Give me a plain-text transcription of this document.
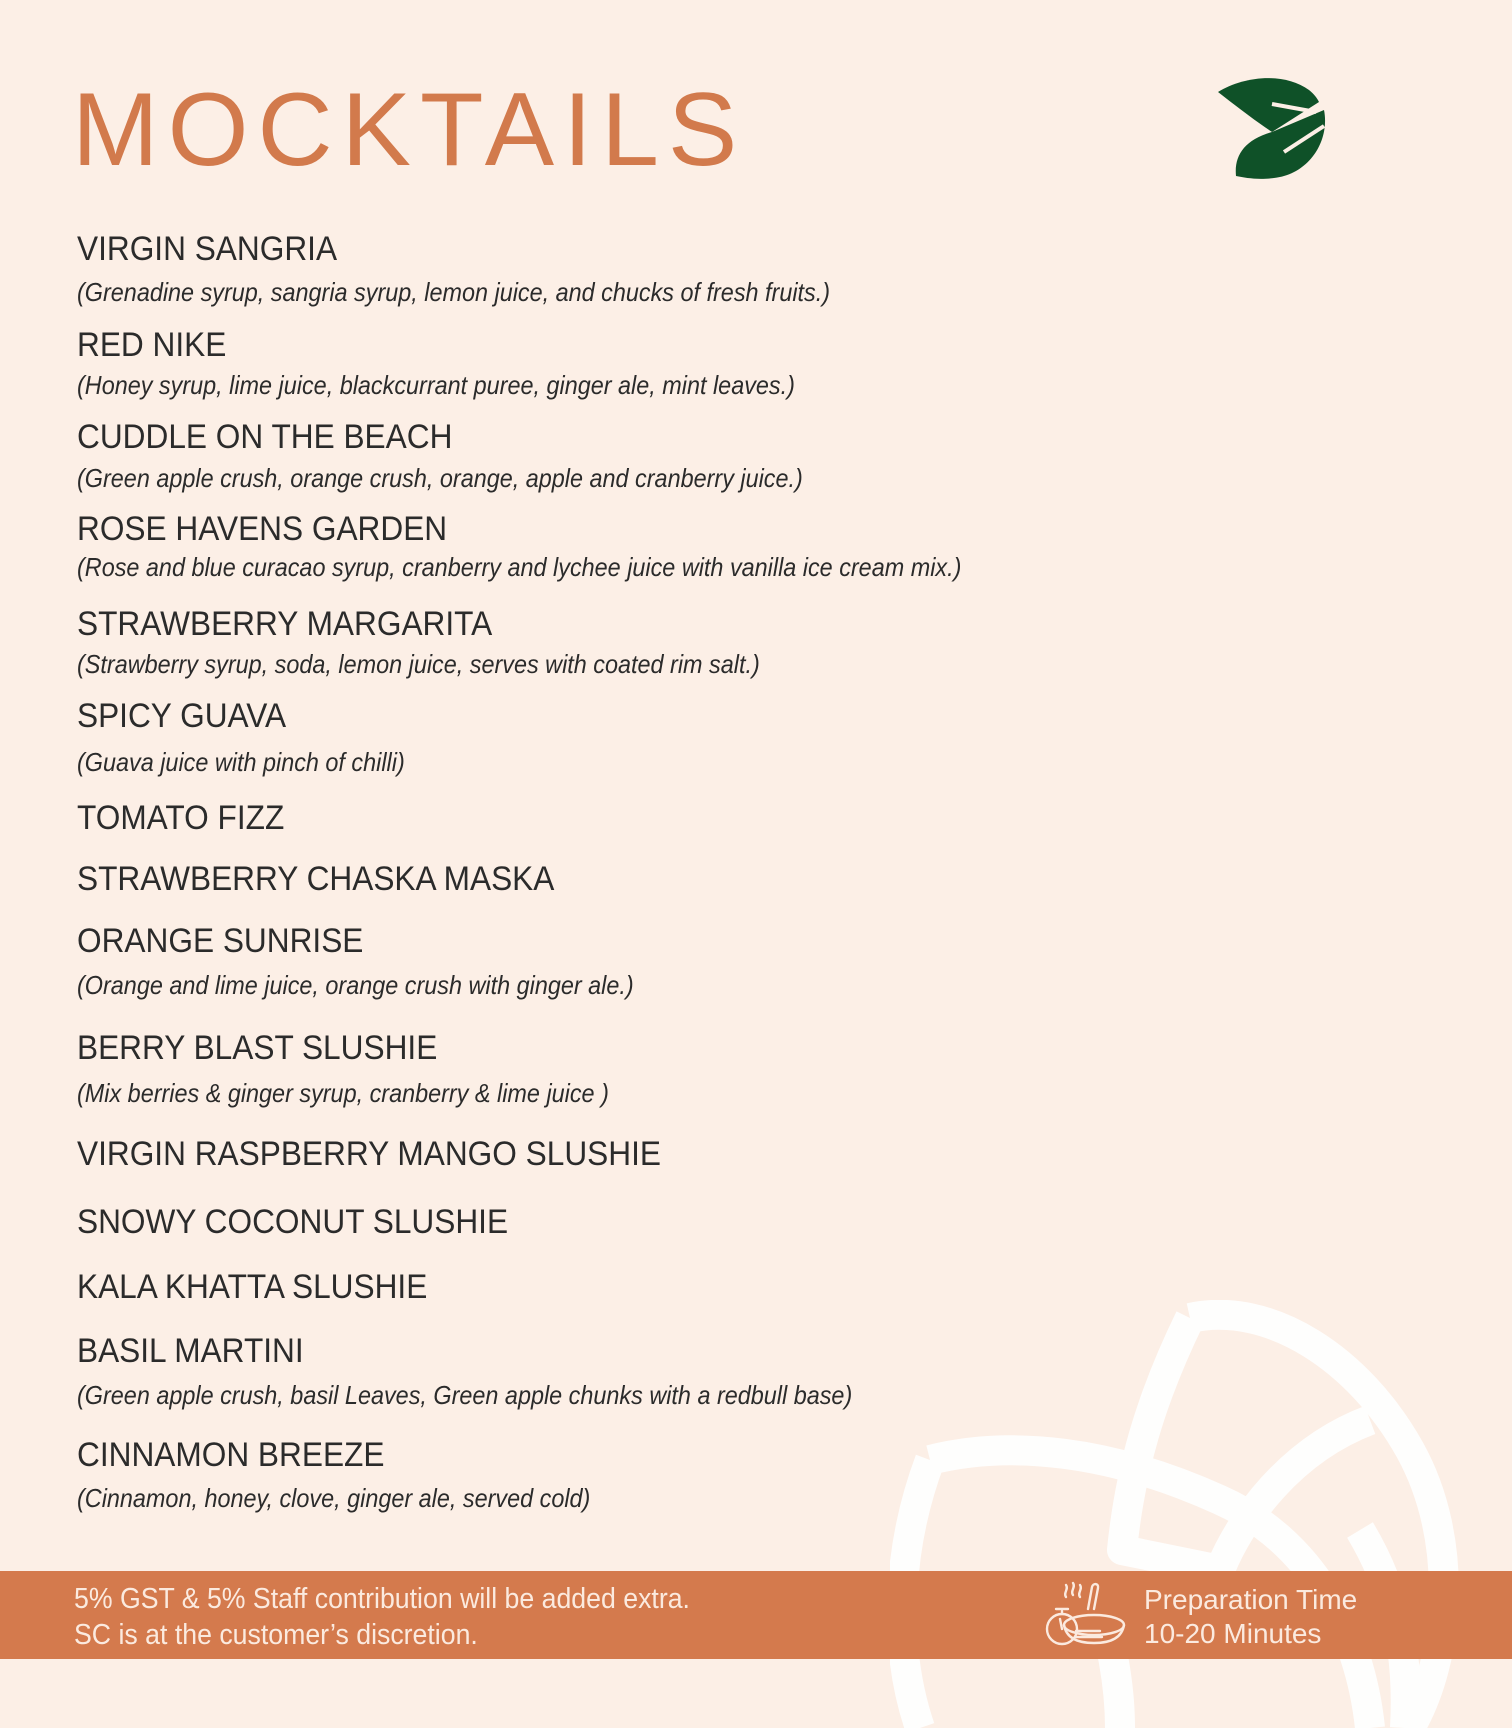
MOCKTAILS

VIRGIN SANGRIA

(Grenadine syrup, sangria syrup, lemon juice, and chucks of fresh fruits.)

RED NIKE

(Honey syrup, lime juice, blackcurrant puree, ginger ale, mint leaves.)

CUDDLE ON THE BEACH

(Green apple crush, orange crush, orange, apple and cranberry juice.)

ROSE HAVENS GARDEN

(Rose and blue curacao syrup, cranberry and lychee juice with vanilla ice cream mix.)

STRAWBERRY MARGARITA

(Strawberry syrup, soda, lemon juice, serves with coated rim salt.)

SPICY GUAVA

(Guava juice with pinch of chilli)

TOMATO FIZZ

STRAWBERRY CHASKA MASKA

ORANGE SUNRISE

(Orange and lime juice, orange crush with ginger ale.)

BERRY BLAST SLUSHIE

(Mix berries & ginger syrup, cranberry & lime juice )

VIRGIN RASPBERRY MANGO SLUSHIE

SNOWY COCONUT SLUSHIE

KALA KHATTA SLUSHIE

BASIL MARTINI

(Green apple crush, basil Leaves, Green apple chunks with a redbull base)

CINNAMON BREEZE

(Cinnamon, honey, clove, ginger ale, served cold)

5% GST & 5% Staff contribution will be added extra.
SC is at the customer’s discretion.
Preparation Time
10-20 Minutes
